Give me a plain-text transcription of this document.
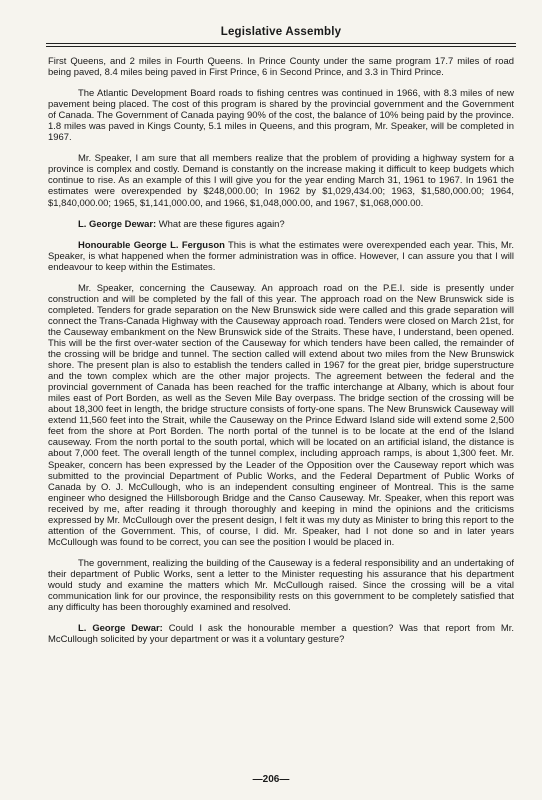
Legislative Assembly

First Queens, and 2 miles in Fourth Queens. In Prince County under the same program 17.7 miles of road being paved, 8.4 miles being paved in First Prince, 6 in Second Prince, and 3.3 in Third Prince.

The Atlantic Development Board roads to fishing centres was continued in 1966, with 8.3 miles of new pavement being placed. The cost of this program is shared by the provincial government and the Government of Canada. The Government of Canada paying 90% of the cost, the balance of 10% being paid by the province. 1.8 miles was paved in Kings County, 5.1 miles in Queens, and this program, Mr. Speaker, will be completed in 1967.

Mr. Speaker, I am sure that all members realize that the problem of providing a highway system for a province is complex and costly. Demand is constantly on the increase making it difficult to keep budgets which continue to rise. As an example of this I will give you for the year ending March 31, 1961 to 1967. In 1961 the estimates were overexpended by $248,000.00; In 1962 by $1,029,434.00; 1963, $1,580,000.00; 1964, $1,840,000.00; 1965, $1,141,000.00, and 1966, $1,048,000.00, and 1967, $1,068,000.00.

L. George Dewar: What are these figures again?

Honourable George L. Ferguson This is what the estimates were overexpended each year. This, Mr. Speaker, is what happened when the former administration was in office. However, I can assure you that I will endeavour to keep within the Estimates.

Mr. Speaker, concerning the Causeway. An approach road on the P.E.I. side is presently under construction and will be completed by the fall of this year. The approach road on the New Brunswick side is completed. Tenders for grade separation on the New Brunswick side were called and this grade separation will connect the Trans-Canada Highway with the Causeway approach road. Tenders were closed on March 21st, for the Causeway embankment on the New Brunswick side of the Straits. These have, I understand, been opened. This will be the first over-water section of the Causeway for which tenders have been called, the remainder of the crossing will be bridge and tunnel. The section called will extend about two miles from the New Brunswick shore. The present plan is also to establish the tenders called in 1967 for the great pier, bridge superstructure and the town complex which are the other major projects. The agreement between the federal and the provincial government of Canada has been reached for the traffic interchange at Albany, which is about four miles east of Port Borden, as well as the Seven Mile Bay overpass. The bridge section of the crossing will be about 18,300 feet in length, the bridge structure consists of forty-one spans. The New Brunswick Causeway will extend 11,560 feet into the Strait, while the Causeway on the Prince Edward Island side will extend some 2,500 feet from the shore at Port Borden. The north portal of the tunnel is to be locate at the end of the Island causeway. From the north portal to the south portal, which will be located on an artificial island, the distance is about 7,000 feet. The overall length of the tunnel complex, including approach ramps, is about 1,300 feet. Mr. Speaker, concern has been expressed by the Leader of the Opposition over the Causeway report which was submitted to the provincial Department of Public Works, and the Federal Department of Public Works of Canada by O. J. McCullough, who is an independent consulting engineer of Montreal. This is the same engineer who designed the Hillsborough Bridge and the Canso Causeway. Mr. Speaker, when this report was received by me, after reading it through thoroughly and keeping in mind the opinions and the criticisms expressed by Mr. McCullough over the present design, I felt it was my duty as Minister to bring this report to the attention of the Government. This, of course, I did. Mr. Speaker, had I not done so and in later years McCullough was found to be correct, you can see the position I would be placed in.

The government, realizing the building of the Causeway is a federal responsibility and an undertaking of their department of Public Works, sent a letter to the Minister requesting his assurance that his department would study and examine the matters which Mr. McCullough raised. Since the crossing will be a vital communication link for our province, the responsibility rests on this government to be completely satisfied that any difficulty has been thoroughly examined and resolved.

L. George Dewar: Could I ask the honourable member a question? Was that report from Mr. McCullough solicited by your department or was it a voluntary gesture?

—206—
